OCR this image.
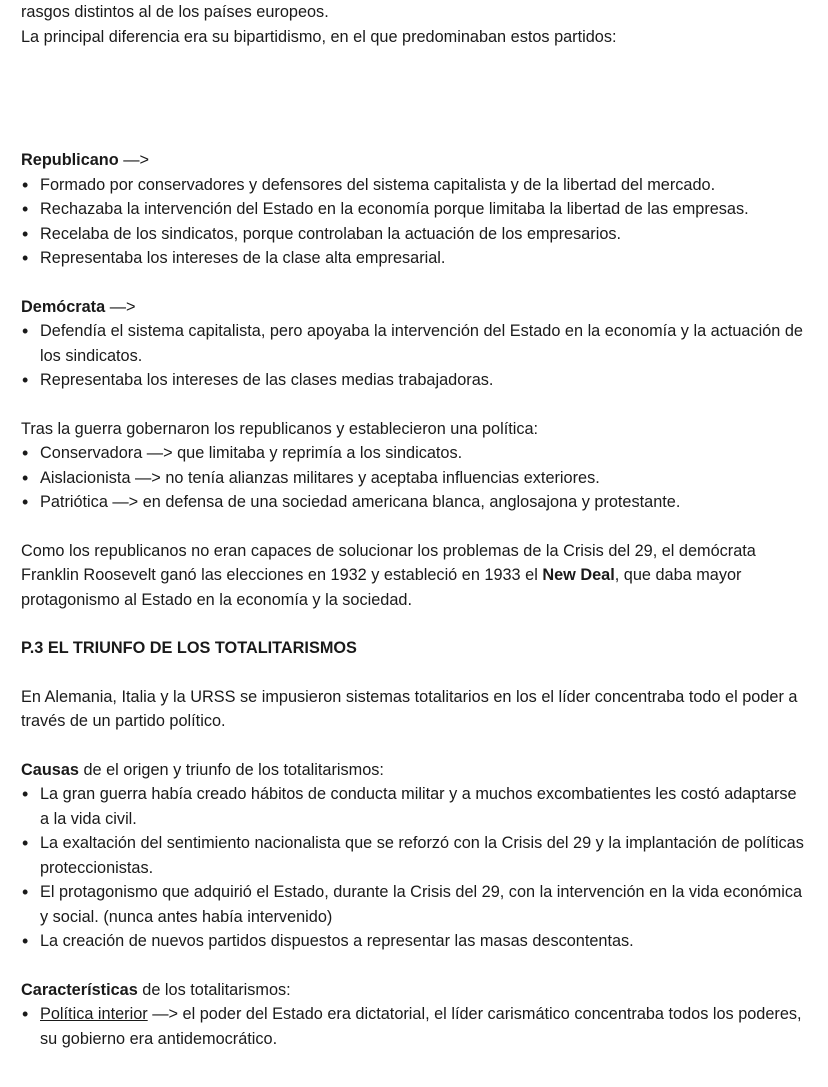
rasgos distintos al de los países europeos.

La principal diferencia era su bipartidismo, en el que predominaban estos partidos:

Republicano —>

• Formado por conservadores y defensores del sistema capitalista y de la libertad del mercado.
• Rechazaba la intervención del Estado en la economía porque limitaba la libertad de las empresas.
• Recelaba de los sindicatos, porque controlaban la actuación de los empresarios.
• Representaba los intereses de la clase alta empresarial.

Demócrata —>

• Defendía el sistema capitalista, pero apoyaba la intervención del Estado en la economía y la actuación de los sindicatos.
• Representaba los intereses de las clases medias trabajadoras.

Tras la guerra gobernaron los republicanos y establecieron una política:

• Conservadora —> que limitaba y reprimía a los sindicatos.
• Aislacionista —> no tenía alianzas militares y aceptaba influencias exteriores.
• Patriótica —> en defensa de una sociedad americana blanca, anglosajona y protestante.

Como los republicanos no eran capaces de solucionar los problemas de la Crisis del 29, el demócrata Franklin Roosevelt ganó las elecciones en 1932 y estableció en 1933 el New Deal, que daba mayor protagonismo al Estado en la economía y la sociedad.

P.3 EL TRIUNFO DE LOS TOTALITARISMOS

En Alemania, Italia y la URSS se impusieron sistemas totalitarios en los el líder concentraba todo el poder a través de un partido político.

Causas de el origen y triunfo de los totalitarismos:

• La gran guerra había creado hábitos de conducta militar y a muchos excombatientes les costó adaptarse a la vida civil.
• La exaltación del sentimiento nacionalista que se reforzó con la Crisis del 29 y la implantación de políticas proteccionistas.
• El protagonismo que adquirió el Estado, durante la Crisis del 29, con la intervención en la vida económica y social. (nunca antes había intervenido)
• La creación de nuevos partidos dispuestos a representar las masas descontentas.

Características de los totalitarismos:

• Política interior —> el poder del Estado era dictatorial, el líder carismático concentraba todos los poderes, su gobierno era antidemocrático.
